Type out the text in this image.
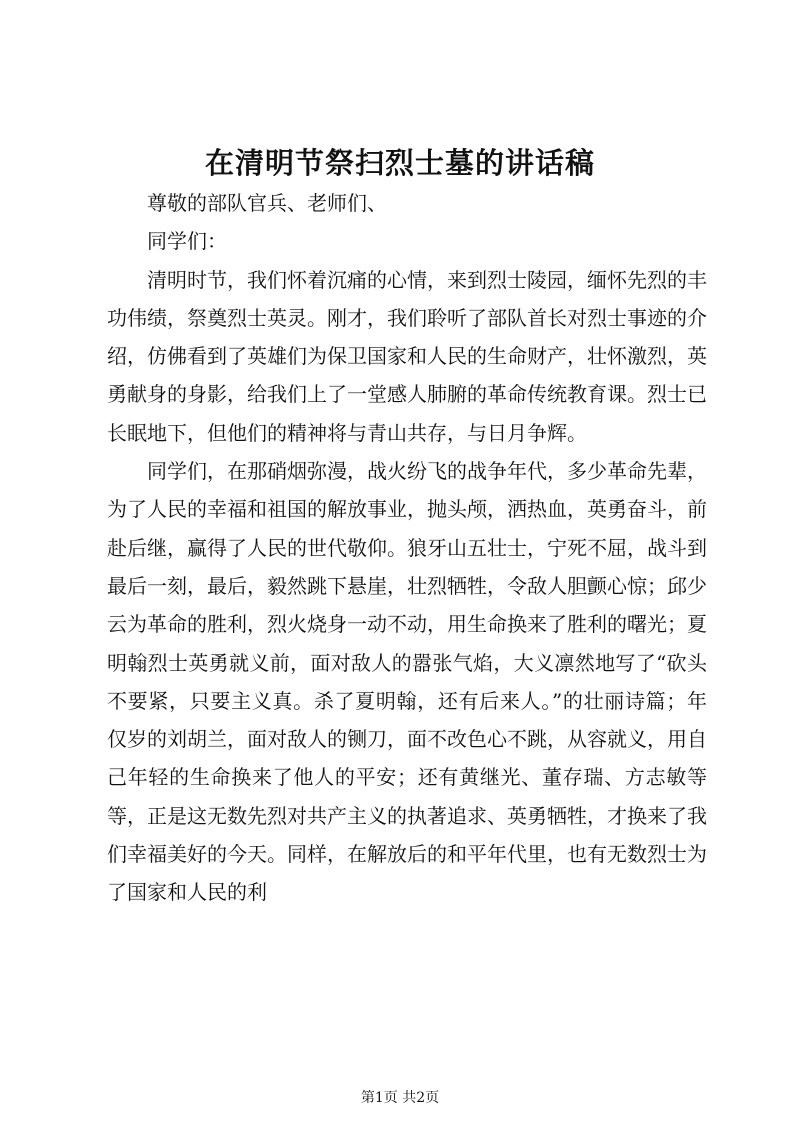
在清明节祭扫烈士墓的讲话稿

尊敬的部队官兵、老师们、

同学们：

清明时节，我们怀着沉痛的心情，来到烈士陵园，缅怀先烈的丰功伟绩，祭奠烈士英灵。刚才，我们聆听了部队首长对烈士事迹的介绍，仿佛看到了英雄们为保卫国家和人民的生命财产，壮怀激烈，英勇献身的身影，给我们上了一堂感人肺腑的革命传统教育课。烈士已长眠地下，但他们的精神将与青山共存，与日月争辉。

同学们，在那硝烟弥漫，战火纷飞的战争年代，多少革命先辈，为了人民的幸福和祖国的解放事业，抛头颅，洒热血，英勇奋斗，前赴后继，赢得了人民的世代敬仰。狼牙山五壮士，宁死不屈，战斗到最后一刻，最后，毅然跳下悬崖，壮烈牺牲，令敌人胆颤心惊；邱少云为革命的胜利，烈火烧身一动不动，用生命换来了胜利的曙光；夏明翰烈士英勇就义前，面对敌人的嚣张气焰，大义凛然地写了“砍头不要紧，只要主义真。杀了夏明翰，还有后来人。”的壮丽诗篇；年仅岁的刘胡兰，面对敌人的铡刀，面不改色心不跳，从容就义，用自己年轻的生命换来了他人的平安；还有黄继光、董存瑞、方志敏等等，正是这无数先烈对共产主义的执著追求、英勇牺牲，才换来了我们幸福美好的今天。同样，在解放后的和平年代里，也有无数烈士为了国家和人民的利

第1页 共2页
